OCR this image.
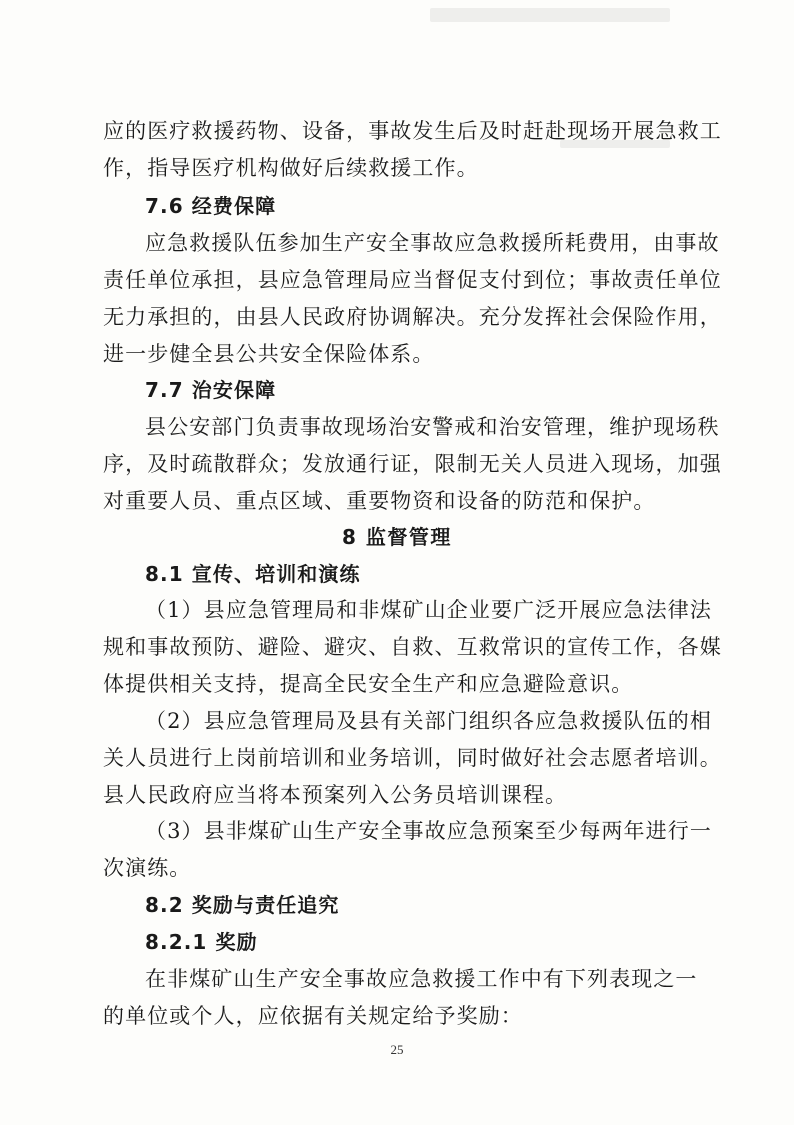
应的医疗救援药物、设备，事故发生后及时赶赴现场开展急救工
作，指导医疗机构做好后续救援工作。
7.6 经费保障
应急救援队伍参加生产安全事故应急救援所耗费用，由事故
责任单位承担，县应急管理局应当督促支付到位；事故责任单位
无力承担的，由县人民政府协调解决。充分发挥社会保险作用，
进一步健全县公共安全保险体系。
7.7 治安保障
县公安部门负责事故现场治安警戒和治安管理，维护现场秩
序，及时疏散群众；发放通行证，限制无关人员进入现场，加强
对重要人员、重点区域、重要物资和设备的防范和保护。
8 监督管理
8.1 宣传、培训和演练
（1）县应急管理局和非煤矿山企业要广泛开展应急法律法
规和事故预防、避险、避灾、自救、互救常识的宣传工作，各媒
体提供相关支持，提高全民安全生产和应急避险意识。
（2）县应急管理局及县有关部门组织各应急救援队伍的相
关人员进行上岗前培训和业务培训，同时做好社会志愿者培训。
县人民政府应当将本预案列入公务员培训课程。
（3）县非煤矿山生产安全事故应急预案至少每两年进行一
次演练。
8.2 奖励与责任追究
8.2.1 奖励
在非煤矿山生产安全事故应急救援工作中有下列表现之一
的单位或个人，应依据有关规定给予奖励：
25
